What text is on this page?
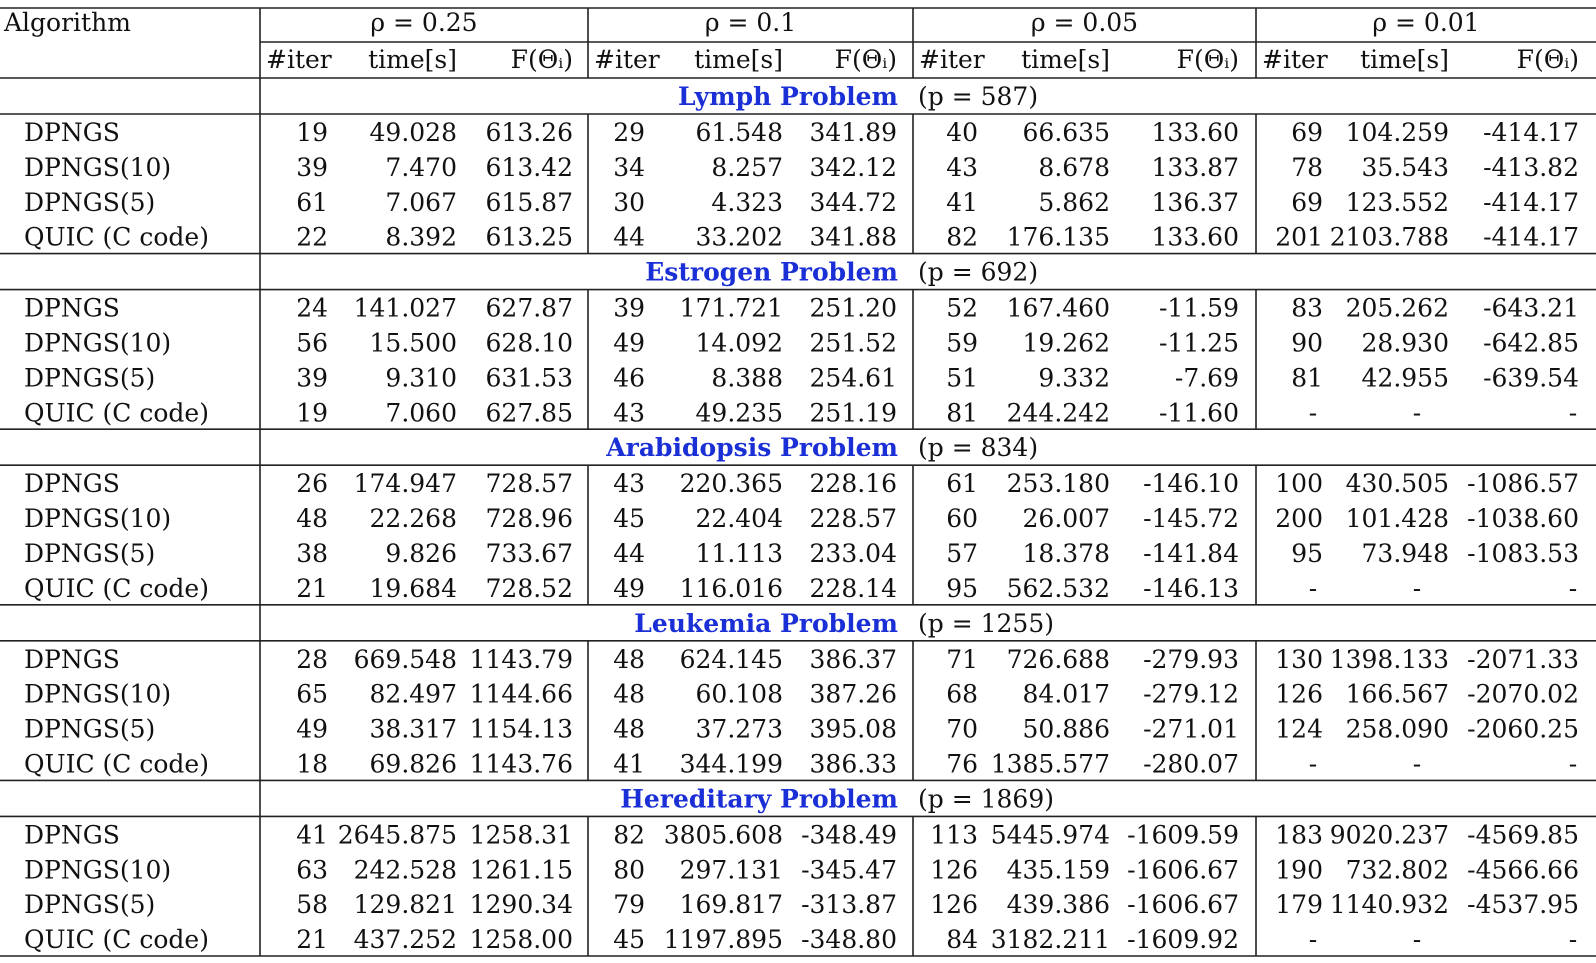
Algorithm	ρ = 0.25	ρ = 0.1	ρ = 0.05	ρ = 0.01
#iter time[s] F(Θᵢ) #iter time[s] F(Θᵢ) #iter time[s]	F(Θᵢ) #iter time[s]	F(Θᵢ)
Lymph Problem (p = 587)
DPNGS	19 49.028 613.26 29 61.548 341.89 40 66.635 133.60 69 104.259 -414.17
DPNGS(10)	39 7.470 613.42 34	8.257 342.12 43 8.678 133.87 78 35.543 -413.82
DPNGS(5)	61 7.067 615.87 30	4.323 344.72 41 5.862 136.37 69 123.552 -414.17
QUIC (C code)	22 8.392 613.25 44 33.202 341.88 82 176.135 133.60 201 2103.788 -414.17
Estrogen Problem (p = 692)
DPNGS	24 141.027 627.87 39 171.721 251.20 52 167.460 -11.59 83 205.262 -643.21
DPNGS(10)	56 15.500 628.10 49 14.092 251.52 59 19.262 -11.25 90 28.930 -642.85
DPNGS(5)	39 9.310 631.53 46	8.388 254.61 51 9.332	-7.69 81 42.955 -639.54
QUIC (C code)	19 7.060 627.85 43 49.235 251.19 81 244.242 -11.60	-	-	-
Arabidopsis Problem (p = 834)
DPNGS	26 174.947 728.57 43 220.365 228.16 61 253.180 -146.10 100 430.505 -1086.57
DPNGS(10)	48 22.268 728.96 45 22.404 228.57 60 26.007 -145.72 200 101.428 -1038.60
DPNGS(5)	38 9.826 733.67 44 11.113 233.04 57 18.378 -141.84 95 73.948 -1083.53
QUIC (C code)	21 19.684 728.52 49 116.016 228.14 95 562.532 -146.13	-	-	-
Leukemia Problem (p = 1255)
DPNGS	28 669.548 1143.79 48 624.145 386.37 71 726.688 -279.93 130 1398.133 -2071.33
DPNGS(10)	65 82.497 1144.66 48 60.108 387.26 68 84.017 -279.12 126 166.567 -2070.02
DPNGS(5)	49 38.317 1154.13 48 37.273 395.08 70 50.886 -271.01 124 258.090 -2060.25
QUIC (C code)	18 69.826 1143.76 41 344.199 386.33 76 1385.577 -280.07	-	-	-
Hereditary Problem (p = 1869)
DPNGS	41 2645.875 1258.31 82 3805.608 -348.49 113 5445.974 -1609.59 183 9020.237 -4569.85
DPNGS(10)	63 242.528 1261.15 80 297.131 -345.47 126 435.159 -1606.67 190 732.802 -4566.66
DPNGS(5)	58 129.821 1290.34 79 169.817 -313.87 126 439.386 -1606.67 179 1140.932 -4537.95
QUIC (C code)	21 437.252 1258.00 45 1197.895 -348.80 84 3182.211 -1609.92	-	-	-
